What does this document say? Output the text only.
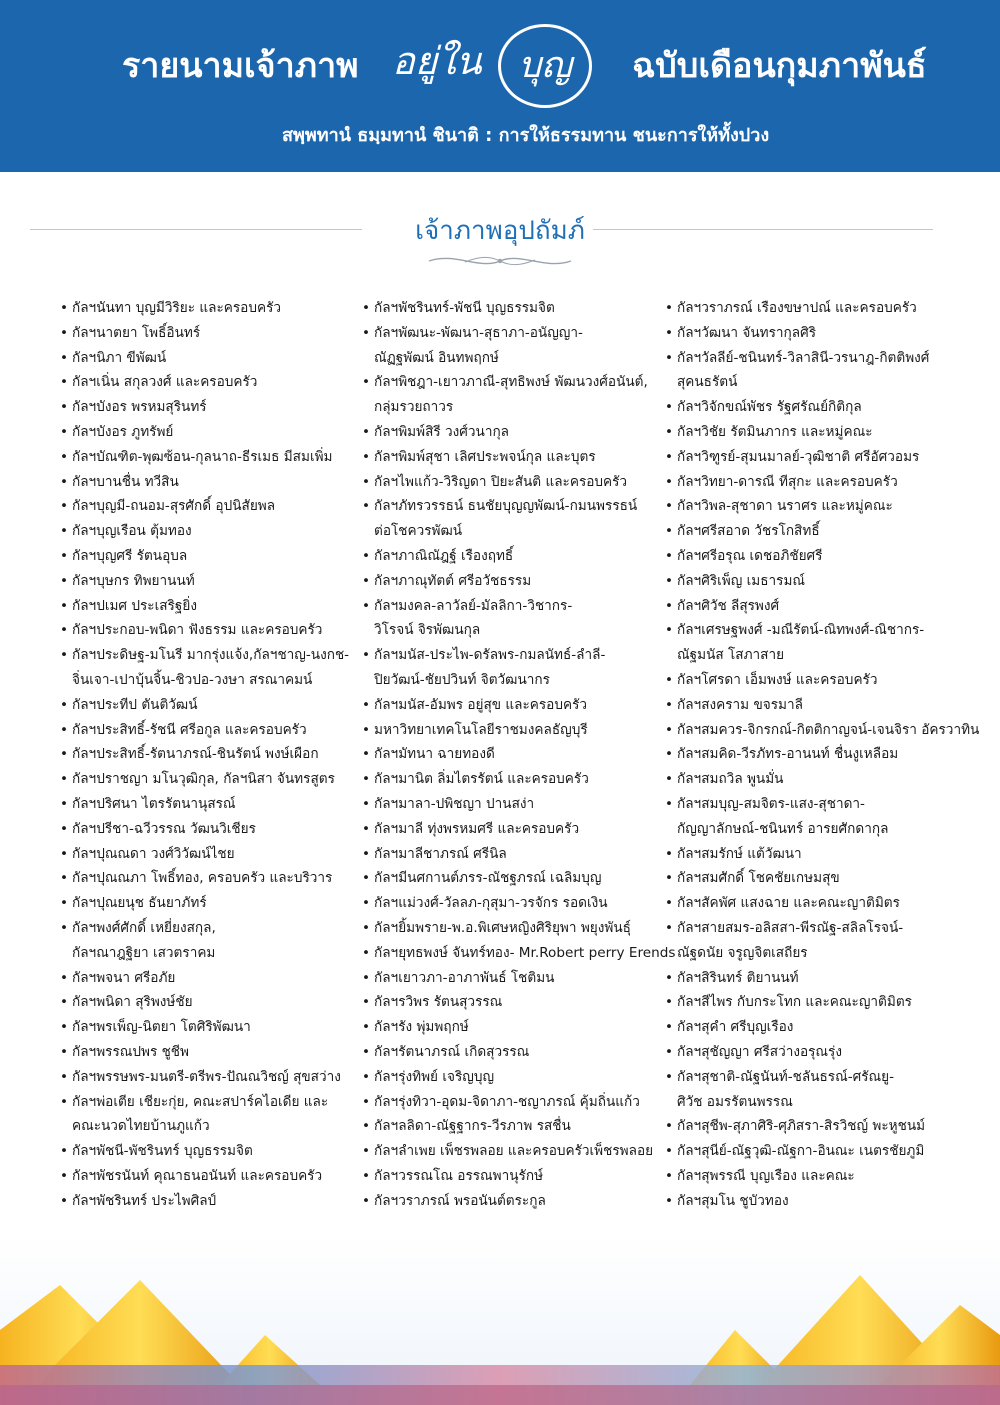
รายนามเจ้าภาพ อยู่ใน	บุญ	ฉบับเดือนกุมภาพันธ์
สพฺพทานํ ธมฺมทานํ ชินาติ : การให้ธรรมทาน ชนะการให้ทั้งปวง
เจ้าภาพอุปถัมภ์
• กัลฯนันทา บุญมีวิริยะ และครอบครัว
• กัลฯนาตยา โพธิ์อินทร์
• กัลฯนิภา ขีพัฒน์
• กัลฯเนิ่น สกุลวงศ์ และครอบครัว
• กัลฯบังอร พรหมสุรินทร์
• กัลฯบังอร ภูทรัพย์
• กัลฯบัณฑิต-พุฒซ้อน-กุลนาถ-ธีรเมธ มีสมเพิ่ม
• กัลฯบานชื่น ทวีสิน
• กัลฯบุญมี-ถนอม-สุรศักดิ์ อุปนิสัยพล
• กัลฯบุญเรือน ตุ้มทอง
• กัลฯบุญศรี รัตนอุบล
• กัลฯบุษกร ทิพยานนท์
• กัลฯปเมศ ประเสริฐยิ่ง
• กัลฯประกอบ-พนิดา ฟังธรรม และครอบครัว
• กัลฯประดิษฐ-มโนรี มากรุ่งแจ้ง,กัลฯชาญ-นงกช-
จิ่นเจา-เปาบุ้นจิ้น-ชิวปอ-วงษา สรณาคมน์
• กัลฯประทีป ตันติวัฒน์
• กัลฯประสิทธิ์-รัชนี ศรีอกูล และครอบครัว
• กัลฯประสิทธิ์-รัตนาภรณ์-ชินรัตน์ พงษ์เผือก
• กัลฯปราชญา มโนวุฒิกุล, กัลฯนิสา จันทรสูตร
• กัลฯปริศนา ไตรรัตนานุสรณ์
• กัลฯปรีชา-ฉวีวรรณ วัฒนวิเชียร
• กัลฯปุณณดา วงศ์วิวัฒน์ไชย
• กัลฯปุณณภา โพธิ์ทอง, ครอบครัว และบริวาร
• กัลฯปุณยนุช ธันยาภัทร์
• กัลฯพงศ์ศักดิ์ เหยี่ยงสกุล,
กัลฯณาฎฐิยา เสวตราคม
• กัลฯพจนา ศรีอภัย
• กัลฯพนิดา สุริพงษ์ชัย
• กัลฯพรเพ็ญ-นิตยา โตศิริพัฒนา
• กัลฯพรรณปพร ชูชีพ
• กัลฯพรรษพร-มนตรี-ตรีพร-ปัณณวิชญ์ สุขสว่าง
• กัลฯพ่อเตีย เชียะกุ่ย, คณะสปาร์คไอเดีย และ
คณะนวดไทยบ้านภูแก้ว
• กัลฯพัชนี-พัชรินทร์ บุญธรรมจิต
• กัลฯพัชรนันท์ คุณาธนอนันท์ และครอบครัว
• กัลฯพัชรินทร์ ประไพศิลป์
• กัลฯพัชรินทร์-พัชนี บุญธรรมจิต
• กัลฯพัฒนะ-พัฒนา-สุธาภา-อนัญญา-
ณัฏฐพัฒน์ อินทพฤกษ์
• กัลฯพิชฎา-เยาวภาณี-สุทธิพงษ์ พัฒนวงศ์อนันต์,
กลุ่มรวยถาวร
• กัลฯพิมพ์สิรี วงศ์วนากุล
• กัลฯพิมพ์สุชา เลิศประพจน์กุล และบุตร
• กัลฯไพแก้ว-วิริญดา ปิยะสันติ และครอบครัว
• กัลฯภัทรวรรธน์ ธนชัยบุญญพัฒน์-กมนพรรธน์
ต่อโชควรพัฒน์
• กัลฯภาณิณัฎฐ์ เรืองฤทธิ์
• กัลฯภาณุทัตต์ ศรีอวัชธรรม
• กัลฯมงคล-ลาวัลย์-มัลลิกา-วิชากร-
วิโรจน์ จิรพัฒนกุล
• กัลฯมนัส-ประไพ-ดรัลพร-กมลนัทธ์-ลำลี-
ปิยวัฒน์-ชัยปวินท์ จิตวัฒนากร
• กัลฯมนัส-อัมพร อยู่สุข และครอบครัว
• มหาวิทยาเทคโนโลยีราชมงคลธัญบุรี
• กัลฯมัทนา ฉายทองดี
• กัลฯมานิต ลิ่มไตรรัตน์ และครอบครัว
• กัลฯมาลา-ปพิชญา ปานสง่า
• กัลฯมาลี ทุ่งพรหมศรี และครอบครัว
• กัลฯมาลีชาภรณ์ ศรีนิล
• กัลฯมีนศกานต์ภรร-ณัชฐภรณ์ เฉลิมบุญ
• กัลฯแม่วงศ์-วัลลภ-กุสุมา-วรจักร รอดเงิน
• กัลฯยิ้มพราย-พ.อ.พิเศษหญิงศิริยุพา พยุงพันธุ์
• กัลฯยุทธพงษ์ จันทร์ทอง- Mr.Robert perry Erends
• กัลฯเยาวภา-อาภาพันธ์ โชติมน
• กัลฯรวิพร รัตนสุวรรณ
• กัลฯรัง พุ่มพฤกษ์
• กัลฯรัตนาภรณ์ เกิดสุวรรณ
• กัลฯรุ่งทิพย์ เจริญบุญ
• กัลฯรุ่งทิวา-อุดม-จิดาภา-ชญาภรณ์ คุ้มถิ่นแก้ว
• กัลฯลลิดา-ณัฐฐากร-วีรภาพ รสชื่น
• กัลฯลำเพย เพ็ชรพลอย และครอบครัวเพ็ชรพลอย
• กัลฯวรรณโณ อรรณพานุรักษ์
• กัลฯวราภรณ์ พรอนันต์ตระกูล
• กัลฯวราภรณ์ เรืองขษาปณ์ และครอบครัว
• กัลฯวัฒนา จันทรากุลศิริ
• กัลฯวัลลีย์-ชนินทร์-วิลาสินี-วรนาฎ-กิตติพงศ์
สุคนธรัตน์
• กัลฯวิจักขณ์พัชร รัฐศรัณย์กิติกุล
• กัลฯวิชัย รัตมินภากร และหมู่คณะ
• กัลฯวิฑูรย์-สุมนมาลย์-วุฒิชาติ ศรีอัศวอมร
• กัลฯวิทยา-ดารณี ทีสุกะ และครอบครัว
• กัลฯวิพล-สุชาดา นราศร และหมู่คณะ
• กัลฯศรีสอาด วัชรโกสิทธิ์
• กัลฯศรีอรุณ เดชอภิชัยศรี
• กัลฯศิริเพ็ญ เมธารมณ์
• กัลฯศิวัช ลีสุรพงศ์
• กัลฯเศรษฐพงศ์ -มณีรัตน์-ณิทพงศ์-ณิชากร-
ณัฐมนัส โสภาสาย
• กัลฯโศรดา เอ็มพงษ์ และครอบครัว
• กัลฯสงคราม ขจรมาลี
• กัลฯสมควร-จิกรกณ์-กิตติกาญจน์-เจนจิรา อัครวาทิน
• กัลฯสมคิด-วีรภัทร-อานนท์ ชื่นงูเหลือม
• กัลฯสมถวิล พูนมั่น
• กัลฯสมบุญ-สมจิตร-แสง-สุชาดา-
กัญญาลักษณ์-ชนินทร์ อารยศักดากุล
• กัลฯสมรักษ์ แต้วัฒนา
• กัลฯสมศักดิ์ โชคชัยเกษมสุข
• กัลฯสัคพัศ แสงฉาย และคณะญาติมิตร
• กัลฯสายสมร-อลิสสา-พีรณัฐ-สลิลโรจน์-
ณัฐดนัย จรูญจิตเสถียร
• กัลฯสิรินทร์ ติยานนท์
• กัลฯสีไพร กับกระโทก และคณะญาติมิตร
• กัลฯสุคำ ศรีบุญเรือง
• กัลฯสุชัญญา ศรีสว่างอรุณรุ่ง
• กัลฯสุชาติ-ณัฐนันท์-ชลันธรณ์-ศรัณยู-
ศิวัช อมรรัตนพรรณ
• กัลฯสุชีพ-สุภาศิริ-ศุภิสรา-สิรวิชญ์ พะหูชนม์
• กัลฯสุนีย์-ณัฐวุฒิ-ณัฐกา-อินณะ เนตรชัยภูมิ
• กัลฯสุพรรณี บุญเรือง และคณะ
• กัลฯสุมโน ชูบัวทอง
